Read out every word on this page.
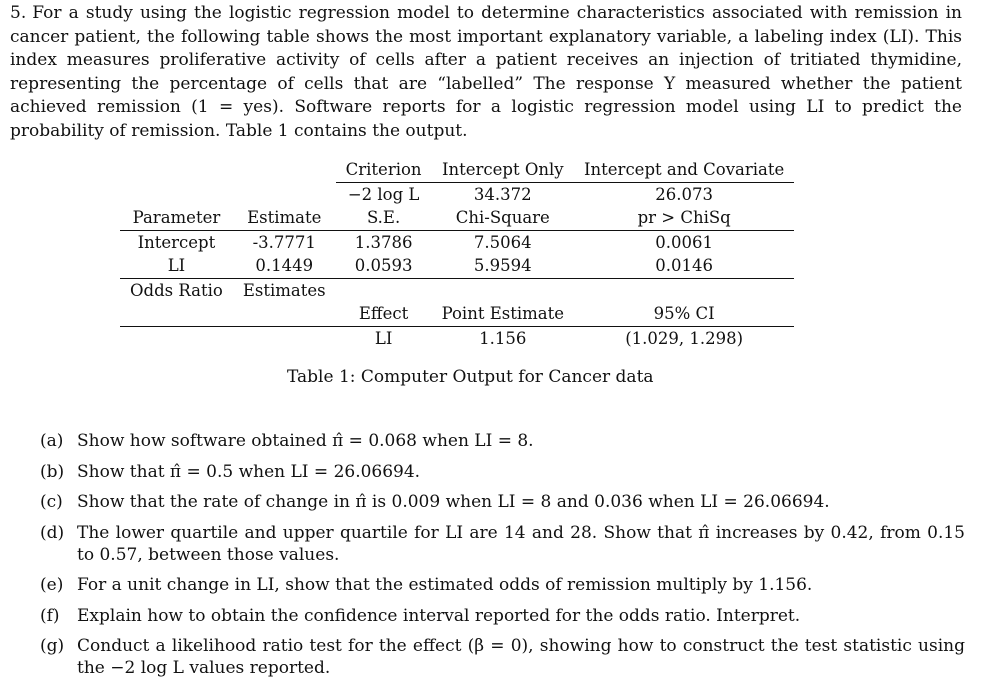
5. For a study using the logistic regression model to determine characteristics associated with remission in cancer patient, the following table shows the most important explanatory variable, a labeling index (LI). This index measures proliferative activity of cells after a patient receives an injection of tritiated thymidine, representing the percentage of cells that are “labelled” The response Y measured whether the patient achieved remission (1 = yes). Software reports for a logistic regression model using LI to predict the probability of remission. Table 1 contains the output.
		Criterion	Intercept Only	Intercept and Covariate
		−2 log L	34.372	26.073
Parameter	Estimate	S.E.	Chi-Square	pr > ChiSq
Intercept	-3.7771	1.3786	7.5064	0.0061
LI	0.1449	0.0593	5.9594	0.0146
Odds Ratio	Estimates			
		Effect	Point Estimate	95% CI
		LI	1.156	(1.029, 1.298)
Table 1: Computer Output for Cancer data
(a) Show how software obtained π̂ = 0.068 when LI = 8.
(b) Show that π̂ = 0.5 when LI = 26.06694.
(c) Show that the rate of change in π̂ is 0.009 when LI = 8 and 0.036 when LI = 26.06694.
(d) The lower quartile and upper quartile for LI are 14 and 28. Show that π̂ increases by 0.42, from 0.15 to 0.57, between those values.
(e) For a unit change in LI, show that the estimated odds of remission multiply by 1.156.
(f)	Explain how to obtain the confidence interval reported for the odds ratio. Interpret.
(g) Conduct a likelihood ratio test for the effect (β = 0), showing how to construct the test statistic using the −2 log L values reported.
